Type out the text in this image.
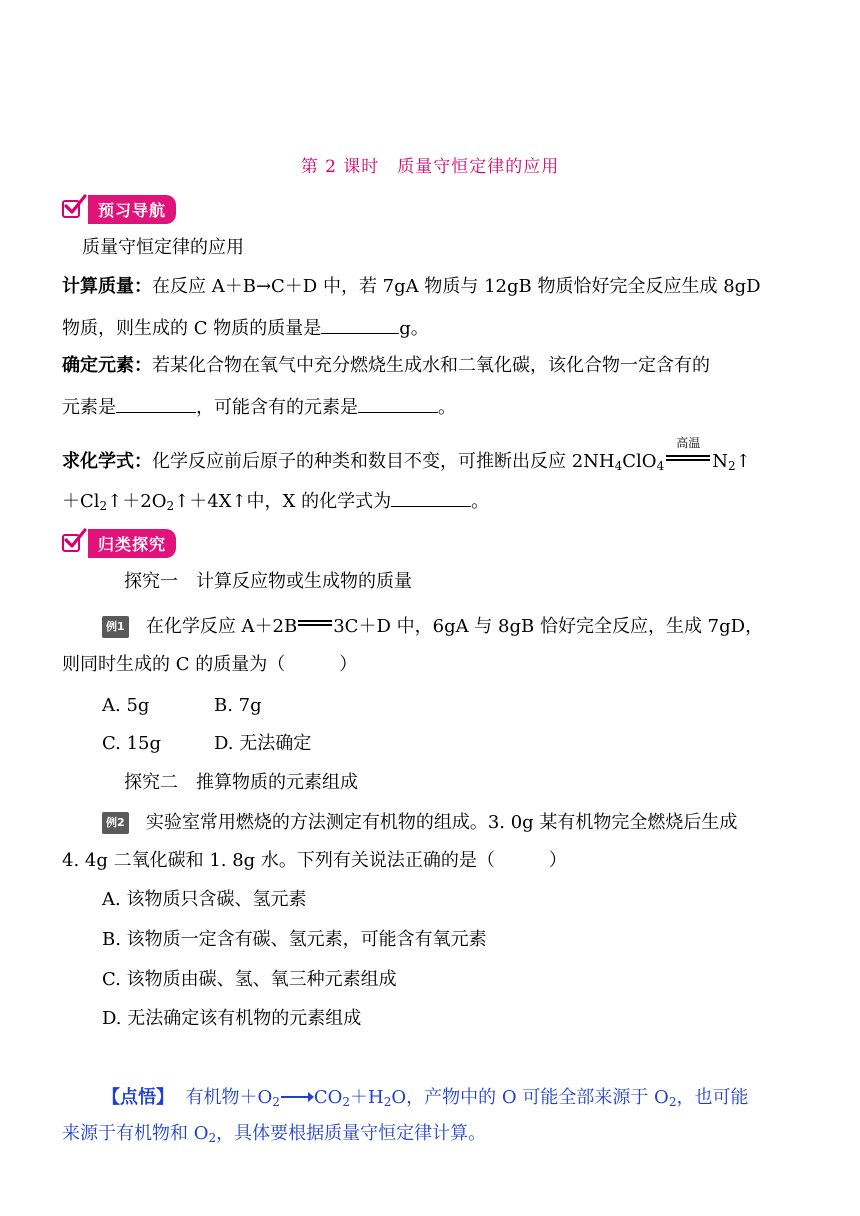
第 2 课时　质量守恒定律的应用
预习导航
质量守恒定律的应用
计算质量：在反应 A＋B→C＋D 中，若 7gA 物质与 12gB 物质恰好完全反应生成 8gD
物质，则生成的 C 物质的质量是	g。
确定元素：若某化合物在氧气中充分燃烧生成水和二氧化碳，该化合物一定含有的
元素是	，可能含有的元素是	。
求化学式：化学反应前后原子的种类和数目不变，可推断出反应 $2NH_4ClO_4$
高温
$N_2↑$
$+Cl_2↑+2O_2↑+4X↑$中，X 的化学式为	。
归类探究
探究一　计算反应物或生成物的质量
例1 在化学反应 A＋2B 3C＋D 中，6gA 与 8gB 恰好完全反应，生成 7gD，
则同时生成的 C 的质量为（　　　）
A. 5g	B. 7g
C. 15g	D. 无法确定
探究二　推算物质的元素组成
例2 实验室常用燃烧的方法测定有机物的组成。3. 0g 某有机物完全燃烧后生成
4. 4g 二氧化碳和 1. 8g 水。下列有关说法正确的是（　　　）
A. 该物质只含碳、氢元素
B. 该物质一定含有碳、氢元素，可能含有氧元素
C. 该物质由碳、氢、氧三种元素组成
D. 无法确定该有机物的元素组成
【点悟】 有机物$+O_2$ $CO_2+H_2O$，产物中的 O 可能全部来源于 $O_2$，也可能
来源于有机物和 $O_2$，具体要根据质量守恒定律计算。
